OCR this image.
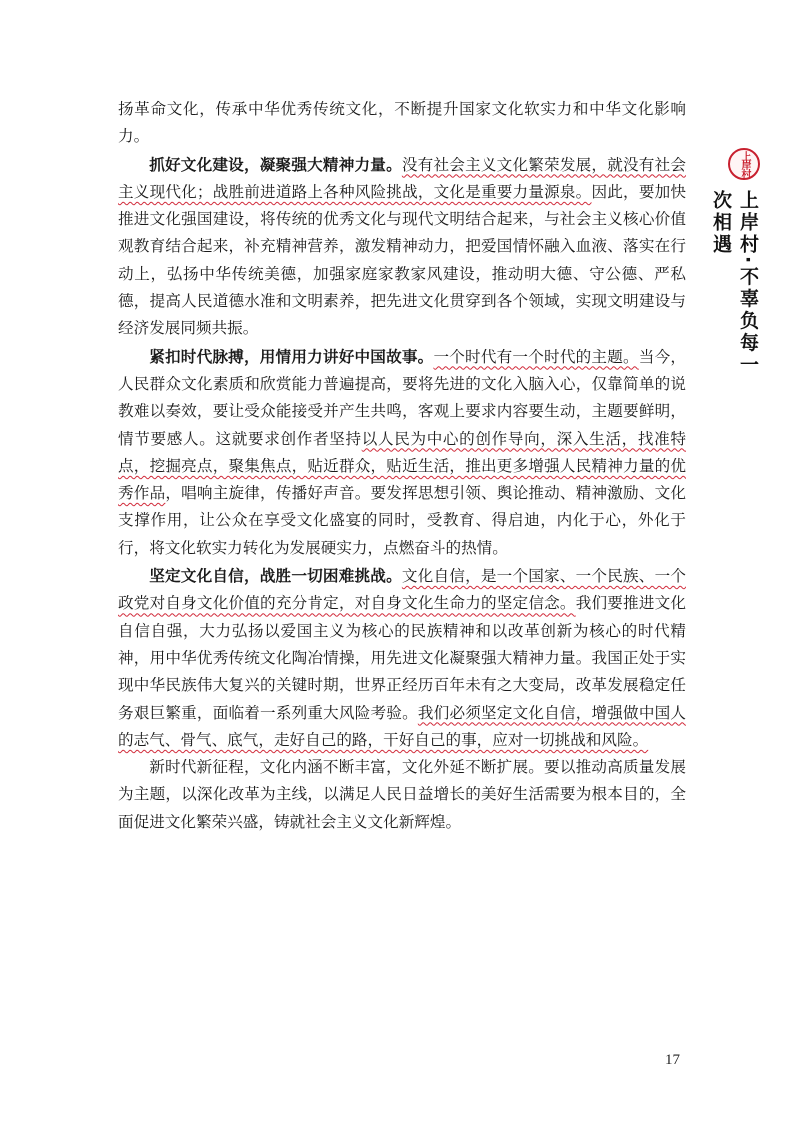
扬革命文化，传承中华优秀传统文化，不断提升国家文化软实力和中华文化影响力。

抓好文化建设，凝聚强大精神力量。没有社会主义文化繁荣发展，就没有社会主义现代化；战胜前进道路上各种风险挑战，文化是重要力量源泉。因此，要加快推进文化强国建设，将传统的优秀文化与现代文明结合起来，与社会主义核心价值观教育结合起来，补充精神营养，激发精神动力，把爱国情怀融入血液、落实在行动上，弘扬中华传统美德，加强家庭家教家风建设，推动明大德、守公德、严私德，提高人民道德水准和文明素养，把先进文化贯穿到各个领域，实现文明建设与经济发展同频共振。

紧扣时代脉搏，用情用力讲好中国故事。一个时代有一个时代的主题。当今，人民群众文化素质和欣赏能力普遍提高，要将先进的文化入脑入心，仅靠简单的说教难以奏效，要让受众能接受并产生共鸣，客观上要求内容要生动，主题要鲜明，情节要感人。这就要求创作者坚持以人民为中心的创作导向，深入生活，找准特点，挖掘亮点，聚集焦点，贴近群众，贴近生活，推出更多增强人民精神力量的优秀作品，唱响主旋律，传播好声音。要发挥思想引领、舆论推动、精神激励、文化支撑作用，让公众在享受文化盛宴的同时，受教育、得启迪，内化于心，外化于行，将文化软实力转化为发展硬实力，点燃奋斗的热情。

坚定文化自信，战胜一切困难挑战。文化自信，是一个国家、一个民族、一个政党对自身文化价值的充分肯定，对自身文化生命力的坚定信念。我们要推进文化自信自强，大力弘扬以爱国主义为核心的民族精神和以改革创新为核心的时代精神，用中华优秀传统文化陶冶情操，用先进文化凝聚强大精神力量。我国正处于实现中华民族伟大复兴的关键时期，世界正经历百年未有之大变局，改革发展稳定任务艰巨繁重，面临着一系列重大风险考验。我们必须坚定文化自信，增强做中国人的志气、骨气、底气，走好自己的路，干好自己的事，应对一切挑战和风险。

新时代新征程，文化内涵不断丰富，文化外延不断扩展。要以推动高质量发展为主题，以深化改革为主线，以满足人民日益增长的美好生活需要为根本目的，全面促进文化繁荣兴盛，铸就社会主义文化新辉煌。

上岸村
上岸村·不辜负每一次相遇
17
